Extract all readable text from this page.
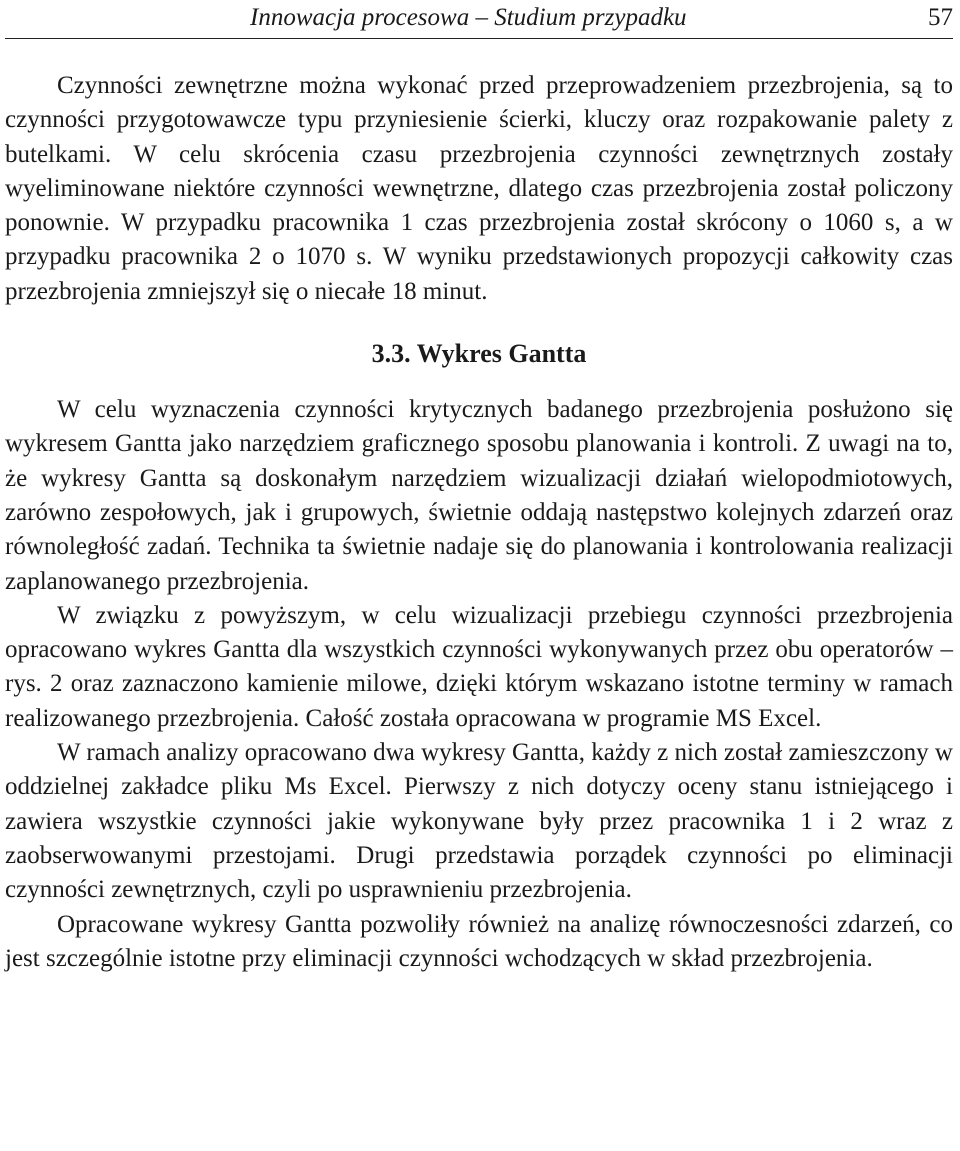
Innowacja procesowa – Studium przypadku	57

Czynności zewnętrzne można wykonać przed przeprowadzeniem przezbrojenia, są to czynności przygotowawcze typu przyniesienie ścierki, kluczy oraz rozpakowanie palety z butelkami. W celu skrócenia czasu przezbrojenia czynności zewnętrznych zostały wyeliminowane niektóre czynności wewnętrzne, dlatego czas przezbrojenia został policzony ponownie. W przypadku pracownika 1 czas przezbrojenia został skrócony o 1060 s, a w przypadku pracownika 2 o 1070 s. W wyniku przedstawionych propozycji całkowity czas przezbrojenia zmniejszył się o niecałe 18 minut.

3.3. Wykres Gantta

W celu wyznaczenia czynności krytycznych badanego przezbrojenia posłużono się wykresem Gantta jako narzędziem graficznego sposobu planowania i kontroli. Z uwagi na to, że wykresy Gantta są doskonałym narzędziem wizualizacji działań wielopodmiotowych, zarówno zespołowych, jak i grupowych, świetnie oddają następstwo kolejnych zdarzeń oraz równoległość zadań. Technika ta świetnie nadaje się do planowania i kontrolowania realizacji zaplanowanego przezbrojenia.

W związku z powyższym, w celu wizualizacji przebiegu czynności przezbrojenia opracowano wykres Gantta dla wszystkich czynności wykonywanych przez obu operatorów – rys. 2 oraz zaznaczono kamienie milowe, dzięki którym wskazano istotne terminy w ramach realizowanego przezbrojenia. Całość została opracowana w programie MS Excel.

W ramach analizy opracowano dwa wykresy Gantta, każdy z nich został zamieszczony w oddzielnej zakładce pliku Ms Excel. Pierwszy z nich dotyczy oceny stanu istniejącego i zawiera wszystkie czynności jakie wykonywane były przez pracownika 1 i 2 wraz z zaobserwowanymi przestojami. Drugi przedstawia porządek czynności po eliminacji czynności zewnętrznych, czyli po usprawnieniu przezbrojenia.

Opracowane wykresy Gantta pozwoliły również na analizę równoczesności zdarzeń, co jest szczególnie istotne przy eliminacji czynności wchodzących w skład przezbrojenia.
